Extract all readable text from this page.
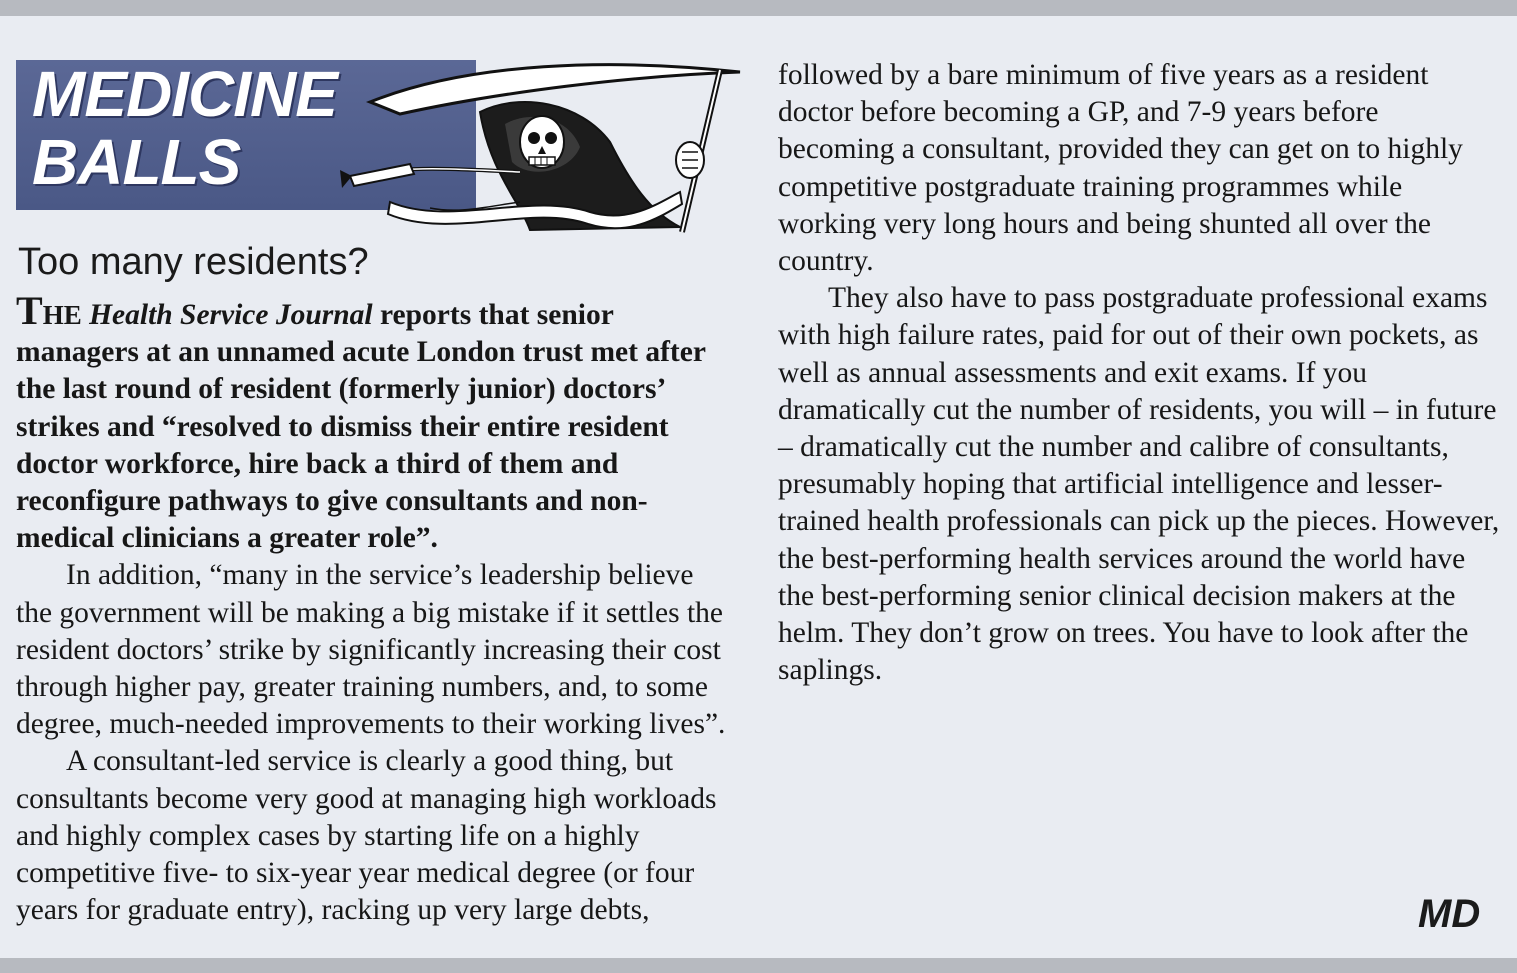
MEDICINE
BALLS
Too many residents?

THE Health Service Journal reports that senior managers at an unnamed acute London trust met after the last round of resident (formerly junior) doctors’ strikes and “resolved to dismiss their entire resident doctor workforce, hire back a third of them and reconfigure pathways to give consultants and non-medical clinicians a greater role”.

In addition, “many in the service’s leadership believe the government will be making a big mistake if it settles the resident doctors’ strike by significantly increasing their cost through higher pay, greater training numbers, and, to some degree, much-needed improvements to their working lives”.

A consultant-led service is clearly a good thing, but consultants become very good at managing high workloads and highly complex cases by starting life on a highly competitive five- to six-year year medical degree (or four years for graduate entry), racking up very large debts,

followed by a bare minimum of five years as a resident doctor before becoming a GP, and 7-9 years before becoming a consultant, provided they can get on to highly competitive postgraduate training programmes while working very long hours and being shunted all over the country.

They also have to pass postgraduate professional exams with high failure rates, paid for out of their own pockets, as well as annual assessments and exit exams. If you dramatically cut the number of residents, you will – in future – dramatically cut the number and calibre of consultants, presumably hoping that artificial intelligence and lesser-trained health professionals can pick up the pieces. However, the best-performing health services around the world have the best-performing senior clinical decision makers at the helm. They don’t grow on trees. You have to look after the saplings.

MD
